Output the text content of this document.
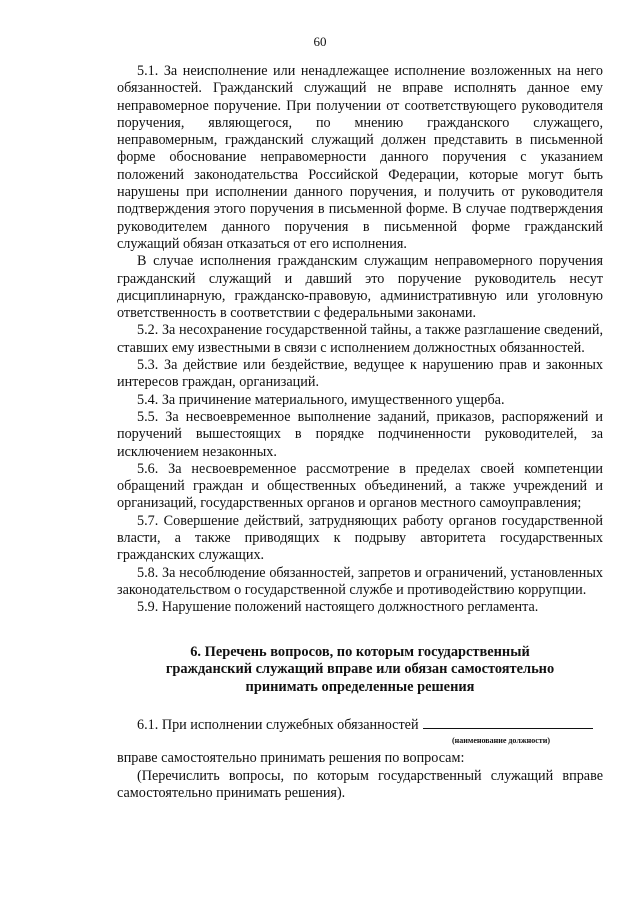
60

5.1. За неисполнение или ненадлежащее исполнение возложенных на него обязанностей. Гражданский служащий не вправе исполнять данное ему неправомерное поручение. При получении от соответствующего руководителя поручения, являющегося, по мнению гражданского служащего, неправомерным, гражданский служащий должен представить в письменной форме обоснование неправомерности данного поручения с указанием положений законодательства Российской Федерации, которые могут быть нарушены при исполнении данного поручения, и получить от руководителя подтверждения этого поручения в письменной форме. В случае подтверждения руководителем данного поручения в письменной форме гражданский служащий обязан отказаться от его исполнения.

В случае исполнения гражданским служащим неправомерного поручения гражданский служащий и давший это поручение руководитель несут дисциплинарную, гражданско-правовую, административную или уголовную ответственность в соответствии с федеральными законами.

5.2. За несохранение государственной тайны, а также разглашение сведений, ставших ему известными в связи с исполнением должностных обязанностей.

5.3. За действие или бездействие, ведущее к нарушению прав и законных интересов граждан, организаций.

5.4. За причинение материального, имущественного ущерба.

5.5. За несвоевременное выполнение заданий, приказов, распоряжений и поручений вышестоящих в порядке подчиненности руководителей, за исключением незаконных.

5.6. За несвоевременное рассмотрение в пределах своей компетенции обращений граждан и общественных объединений, а также учреждений и организаций, государственных органов и органов местного самоуправления;

5.7. Совершение действий, затрудняющих работу органов государственной власти, а также приводящих к подрыву авторитета государственных гражданских служащих.

5.8. За несоблюдение обязанностей, запретов и ограничений, установленных законодательством о государственной службе и противодействию коррупции.

5.9. Нарушение положений настоящего должностного регламента.

6. Перечень вопросов, по которым государственный
гражданский служащий вправе или обязан самостоятельно
принимать определенные решения

6.1. При исполнении служебных обязанностей

(наименование должности)

вправе самостоятельно принимать решения по вопросам:

(Перечислить вопросы, по которым государственный служащий вправе самостоятельно принимать решения).
